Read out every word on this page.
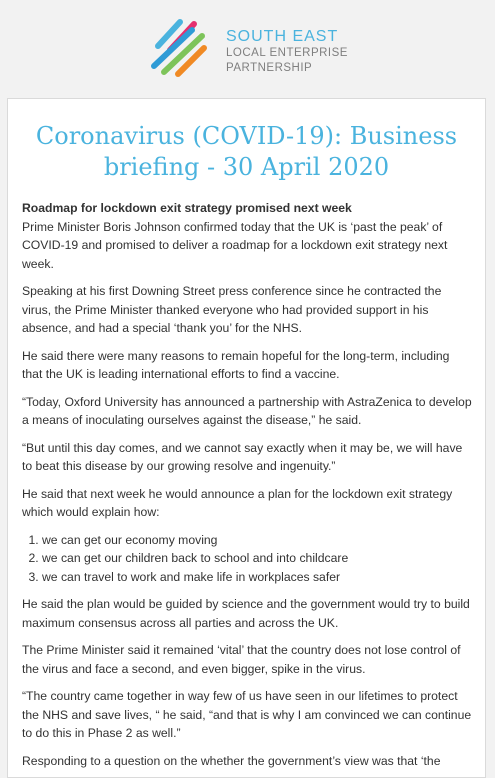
SOUTH EAST
LOCAL ENTERPRISE
PARTNERSHIP
Coronavirus (COVID-19): Business briefing - 30 April 2020

Roadmap for lockdown exit strategy promised next week

Prime Minister Boris Johnson confirmed today that the UK is ‘past the peak’ of COVID-19 and promised to deliver a roadmap for a lockdown exit strategy next week.

Speaking at his first Downing Street press conference since he contracted the virus, the Prime Minister thanked everyone who had provided support in his absence, and had a special ‘thank you’ for the NHS.

He said there were many reasons to remain hopeful for the long-term, including that the UK is leading international efforts to find a vaccine.

“Today, Oxford University has announced a partnership with AstraZenica to develop a means of inoculating ourselves against the disease,” he said.

“But until this day comes, and we cannot say exactly when it may be, we will have to beat this disease by our growing resolve and ingenuity.”

He said that next week he would announce a plan for the lockdown exit strategy which would explain how:

1. we can get our economy moving
2. we can get our children back to school and into childcare
3. we can travel to work and make life in workplaces safer

He said the plan would be guided by science and the government would try to build maximum consensus across all parties and across the UK.

The Prime Minister said it remained ‘vital’ that the country does not lose control of the virus and face a second, and even bigger, spike in the virus.

“The country came together in way few of us have seen in our lifetimes to protect the NHS and save lives, “ he said, “and that is why I am convinced we can continue to do this in Phase 2 as well.”

Responding to a question on the whether the government’s view was that ‘the
